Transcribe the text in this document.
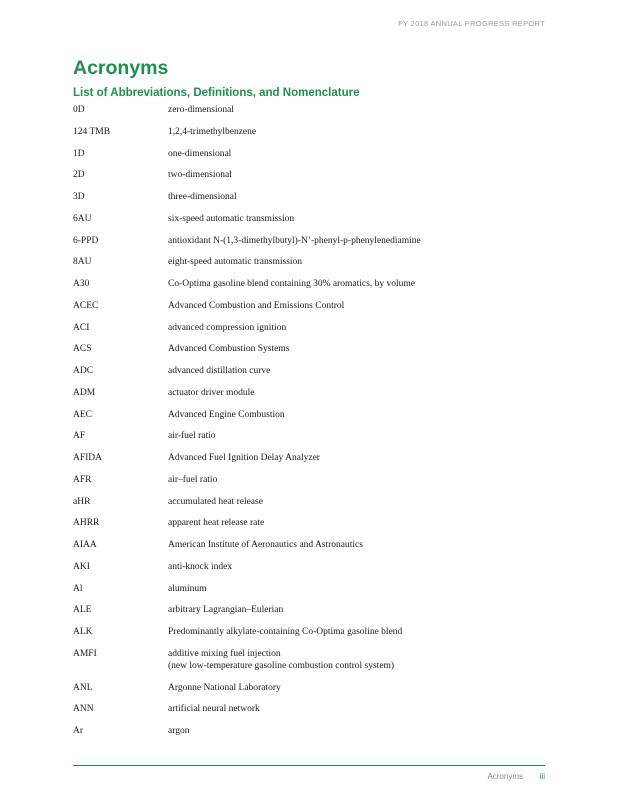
FY 2018 ANNUAL PROGRESS REPORT
Acronyms
List of Abbreviations, Definitions, and Nomenclature
0D	zero-dimensional
124 TMB	1,2,4-trimethylbenzene
1D	one-dimensional
2D	two-dimensional
3D	three-dimensional
6AU	six-speed automatic transmission
6-PPD	antioxidant N-(1,3-dimethylbutyl)-N’-phenyl-p-phenylenediamine
8AU	eight-speed automatic transmission
A30	Co-Optima gasoline blend containing 30% aromatics, by volume
ACEC	Advanced Combustion and Emissions Control
ACI	advanced compression ignition
ACS	Advanced Combustion Systems
ADC	advanced distillation curve
ADM	actuator driver module
AEC	Advanced Engine Combustion
AF	air-fuel ratio
AFIDA	Advanced Fuel Ignition Delay Analyzer
AFR	air–fuel ratio
aHR	accumulated heat release
AHRR	apparent heat release rate
AIAA	American Institute of Aeronautics and Astronautics
AKI	anti-knock index
Al	aluminum
ALE	arbitrary Lagrangian–Eulerian
ALK	Predominantly alkylate-containing Co-Optima gasoline blend
AMFI	additive mixing fuel injection
(new low-temperature gasoline combustion control system)
ANL	Argonne National Laboratory
ANN	artificial neural network
Ar	argon
Acronyms iii
